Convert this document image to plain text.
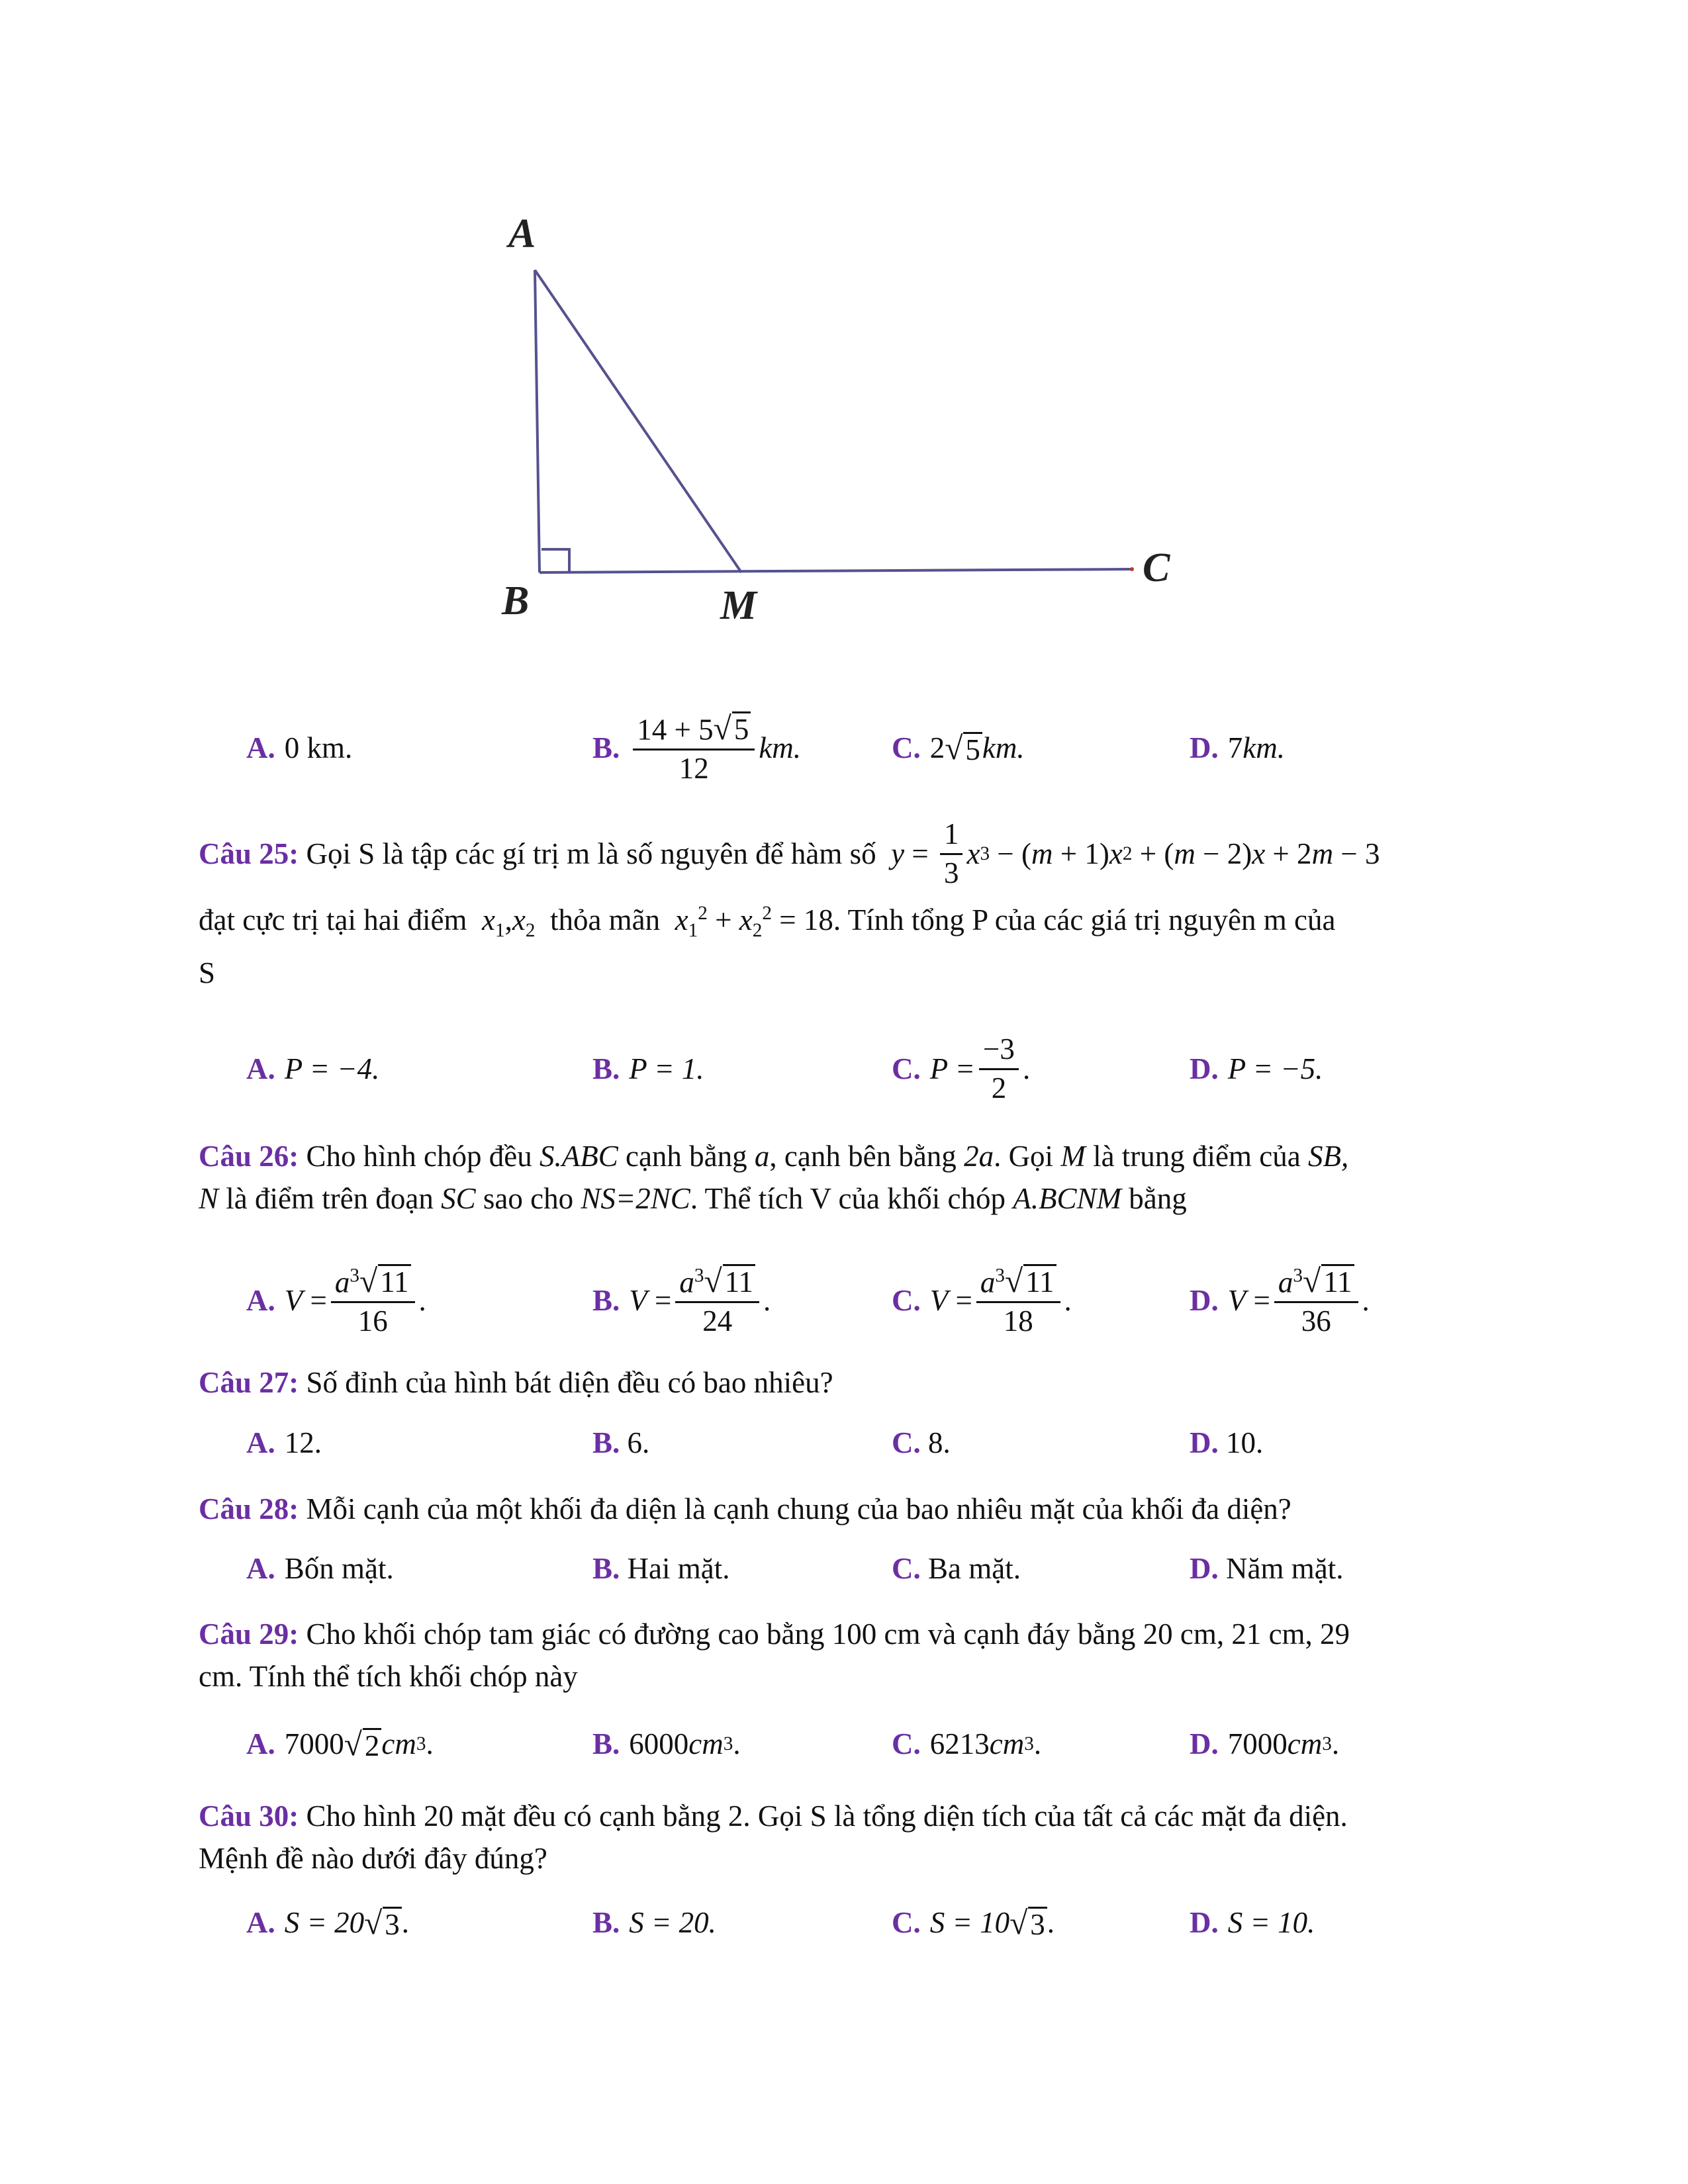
A
B	M
C
A. 0 km.	B. $\frac{14 + 5 √ 5}{12}$ km.	C. 2 √ 5 km.	D. 7 km.
Câu 25:
Gọi S là tập các gí trị m là số nguyên để hàm số
$y = \frac{1}{3}$ x 3 − ( m + 1) x 2 + ( m − 2) x + 2 m − 3
đạt cực trị tại hai điểm $x_1,x_2$ thỏa mãn $x_1^2 + x_2^2 = 18$. Tính tổng P của các giá trị nguyên m của
S
A. P = −4.	B. P = 1.	C. $P = \frac{-3}{2}$ .	D. P = −5.
Câu 26: Cho hình chóp đều S.ABC cạnh bằng a, cạnh bên bằng 2a. Gọi M là trung điểm của SB,
N là điểm trên đoạn SC sao cho NS=2NC. Thể tích V của khối chóp A.BCNM bằng
A. $V = \frac{a^3 √ 11}{16}$ .	B. $V = \frac{a^3 √ 11}{24}$ .	C. $V = \frac{a^3 √ 11}{18}$ .	D. $V = \frac{a^3 √ 11}{36}$ .
Câu 27: Số đỉnh của hình bát diện đều có bao nhiêu?
A. 12.	B.
6.	C.
8.	D.
10.
Câu 28: Mỗi cạnh của một khối đa diện là cạnh chung của bao nhiêu mặt của khối đa diện?
A. Bốn mặt.	B.
Hai mặt.	C.
Ba mặt.	D.
Năm mặt.
Câu 29: Cho khối chóp tam giác có đường cao bằng 100 cm và cạnh đáy bằng 20 cm, 21 cm, 29
cm. Tính thể tích khối chóp này
A. 7000 √ 2 cm 3 .	B. 6000 cm 3 .	C. 6213 cm 3 .	D. 7000 cm 3 .
Câu 30: Cho hình 20 mặt đều có cạnh bằng 2. Gọi S là tổng diện tích của tất cả các mặt đa diện.
Mệnh đề nào dưới đây đúng?
A. S = 20 √ 3 .	B. S = 20.	C. S = 10 √ 3 .	D. S = 10.
